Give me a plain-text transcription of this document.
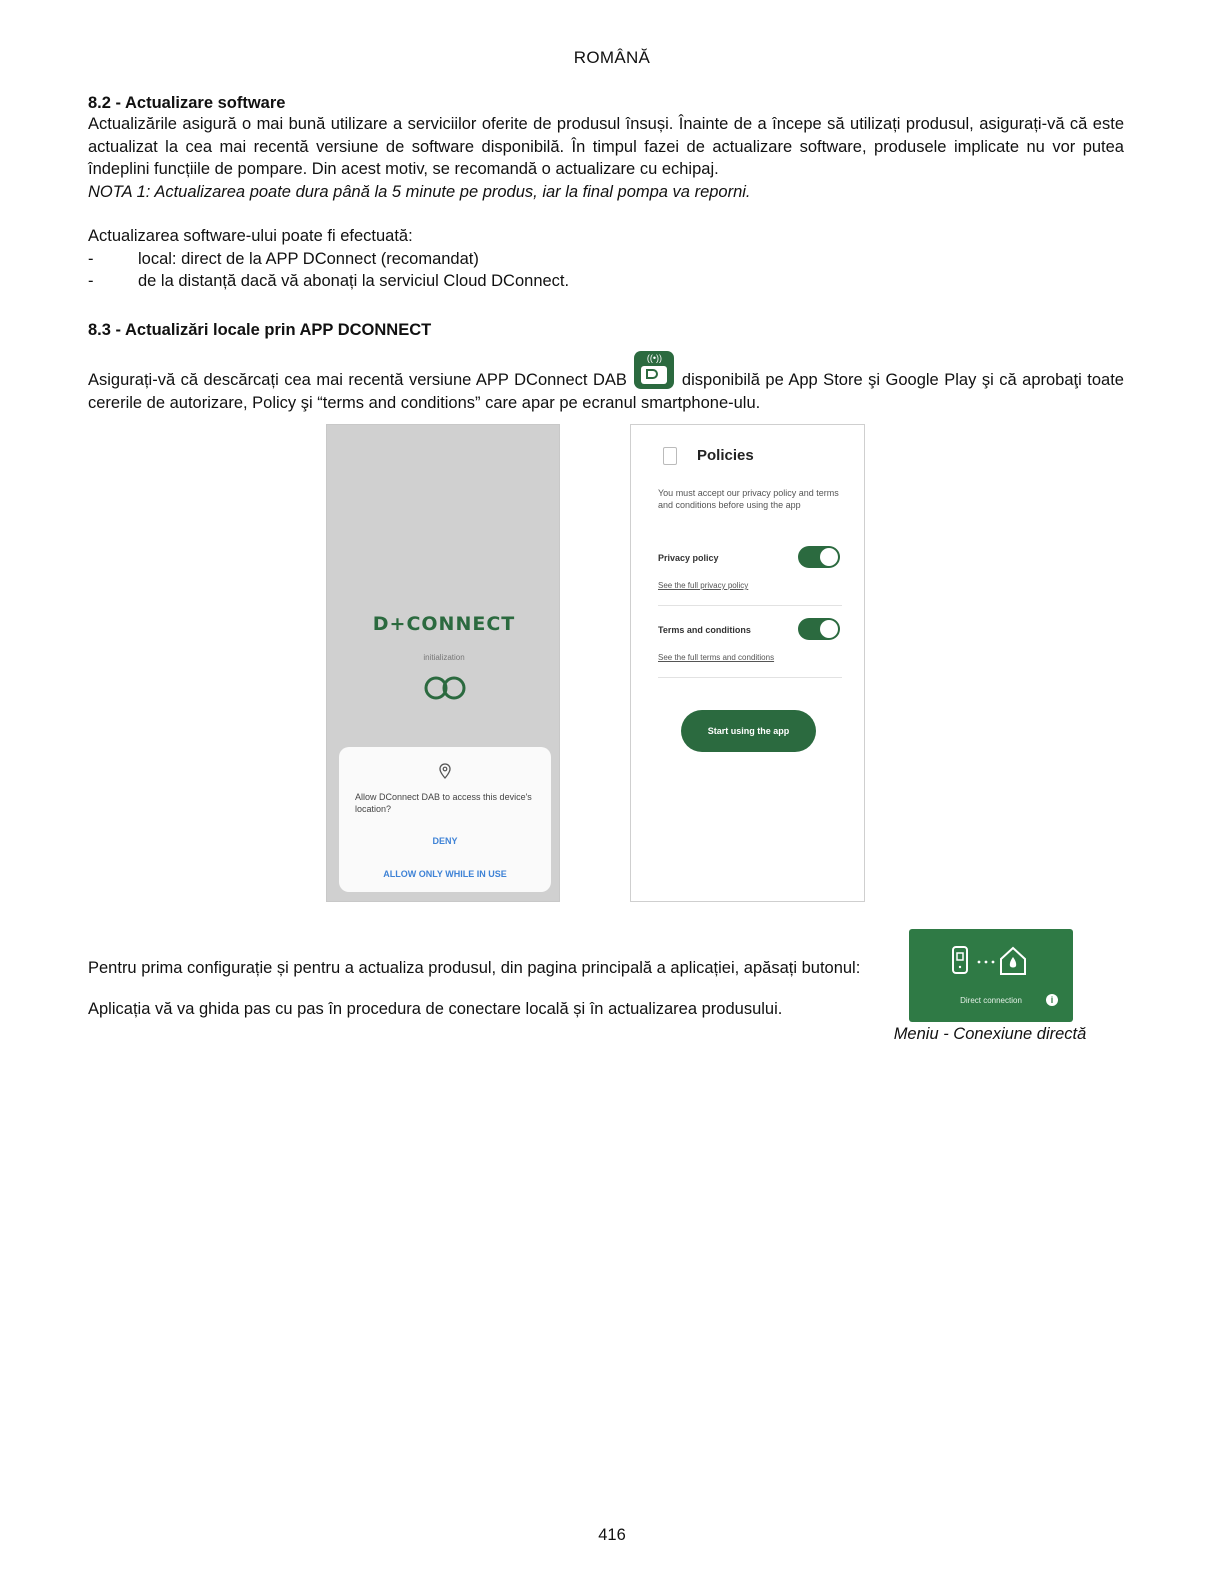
ROMÂNĂ
8.2 - Actualizare software

Actualizările asigură o mai bună utilizare a serviciilor oferite de produsul însuși. Înainte de a începe să utilizați produsul, asigurați-vă că este actualizat la cea mai recentă versiune de software disponibilă. În timpul fazei de actualizare software, produsele implicate nu vor putea îndeplini funcțiile de pompare. Din acest motiv, se recomandă o actualizare cu echipaj.

NOTA 1: Actualizarea poate dura până la 5 minute pe produs, iar la final pompa va reporni.

Actualizarea software-ului poate fi efectuată:

- local: direct de la APP DConnect (recomandat)
- de la distanță dacă vă abonați la serviciul Cloud DConnect.
8.3 - Actualizări locale prin APP DCONNECT

Asigurați-vă că descărcați cea mai recentă versiune APP DConnect DAB
((•))
disponibilă pe App Store şi Google Play şi că aprobaţi toate cererile de autorizare, Policy şi “terms and conditions” care apar pe ecranul smartphone-ulu.

D+CONNECT
initialization
Allow DConnect DAB to access this device's location?
DENY
ALLOW ONLY WHILE IN USE
Policies
You must accept our privacy policy and terms and conditions before using the app
Privacy policy
See the full privacy policy
Terms and conditions
See the full terms and conditions
Start using the app

Pentru prima configurație și pentru a actualiza produsul, din pagina principală a aplicației, apăsați butonul:

Aplicația vă va ghida pas cu pas în procedura de conectare locală și în actualizarea produsului.	Direct connection	i
Meniu - Conexiune directă
416
